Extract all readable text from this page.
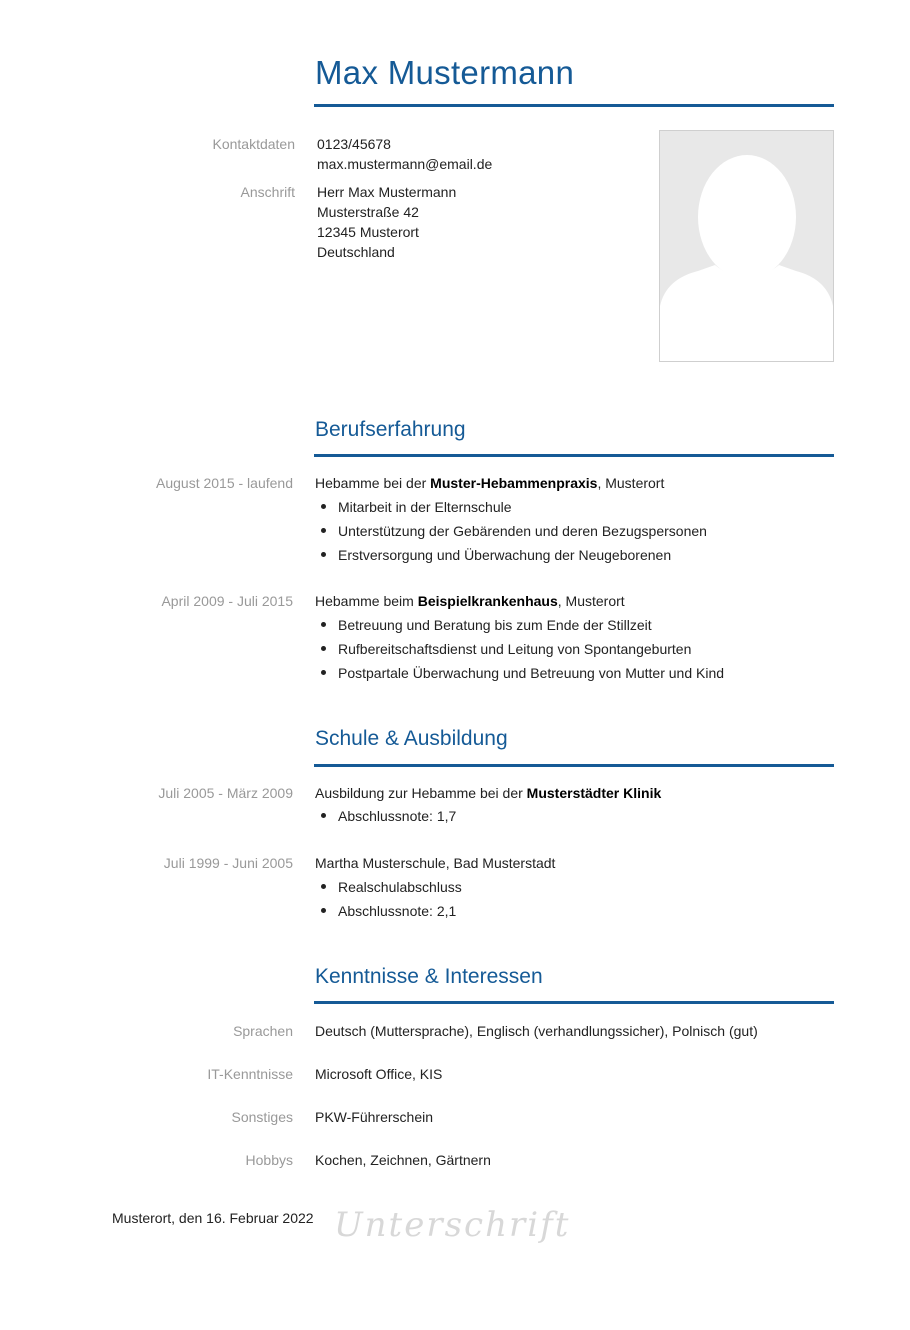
Max Mustermann
Kontaktdaten 0123/45678
max.mustermann@email.de
Anschrift Herr Max Mustermann
Musterstraße 42
12345 Musterort
Deutschland
Berufserfahrung
August 2015 - laufend Hebamme bei der Muster-Hebammenpraxis, Musterort
Mitarbeit in der Elternschule
Unterstützung der Gebärenden und deren Bezugspersonen
Erstversorgung und Überwachung der Neugeborenen
April 2009 - Juli 2015 Hebamme beim Beispielkrankenhaus, Musterort
Betreuung und Beratung bis zum Ende der Stillzeit
Rufbereitschaftsdienst und Leitung von Spontangeburten
Postpartale Überwachung und Betreuung von Mutter und Kind
Schule & Ausbildung
Juli 2005 - März 2009 Ausbildung zur Hebamme bei der Musterstädter Klinik
Abschlussnote: 1,7
Juli 1999 - Juni 2005 Martha Musterschule, Bad Musterstadt
Realschulabschluss
Abschlussnote: 2,1
Kenntnisse & Interessen
Sprachen Deutsch (Muttersprache), Englisch (verhandlungssicher), Polnisch (gut)
IT-Kenntnisse Microsoft Office, KIS
Sonstiges PKW-Führerschein
Hobbys Kochen, Zeichnen, Gärtnern
Musterort, den 16. Februar 2022 Unterschrift
